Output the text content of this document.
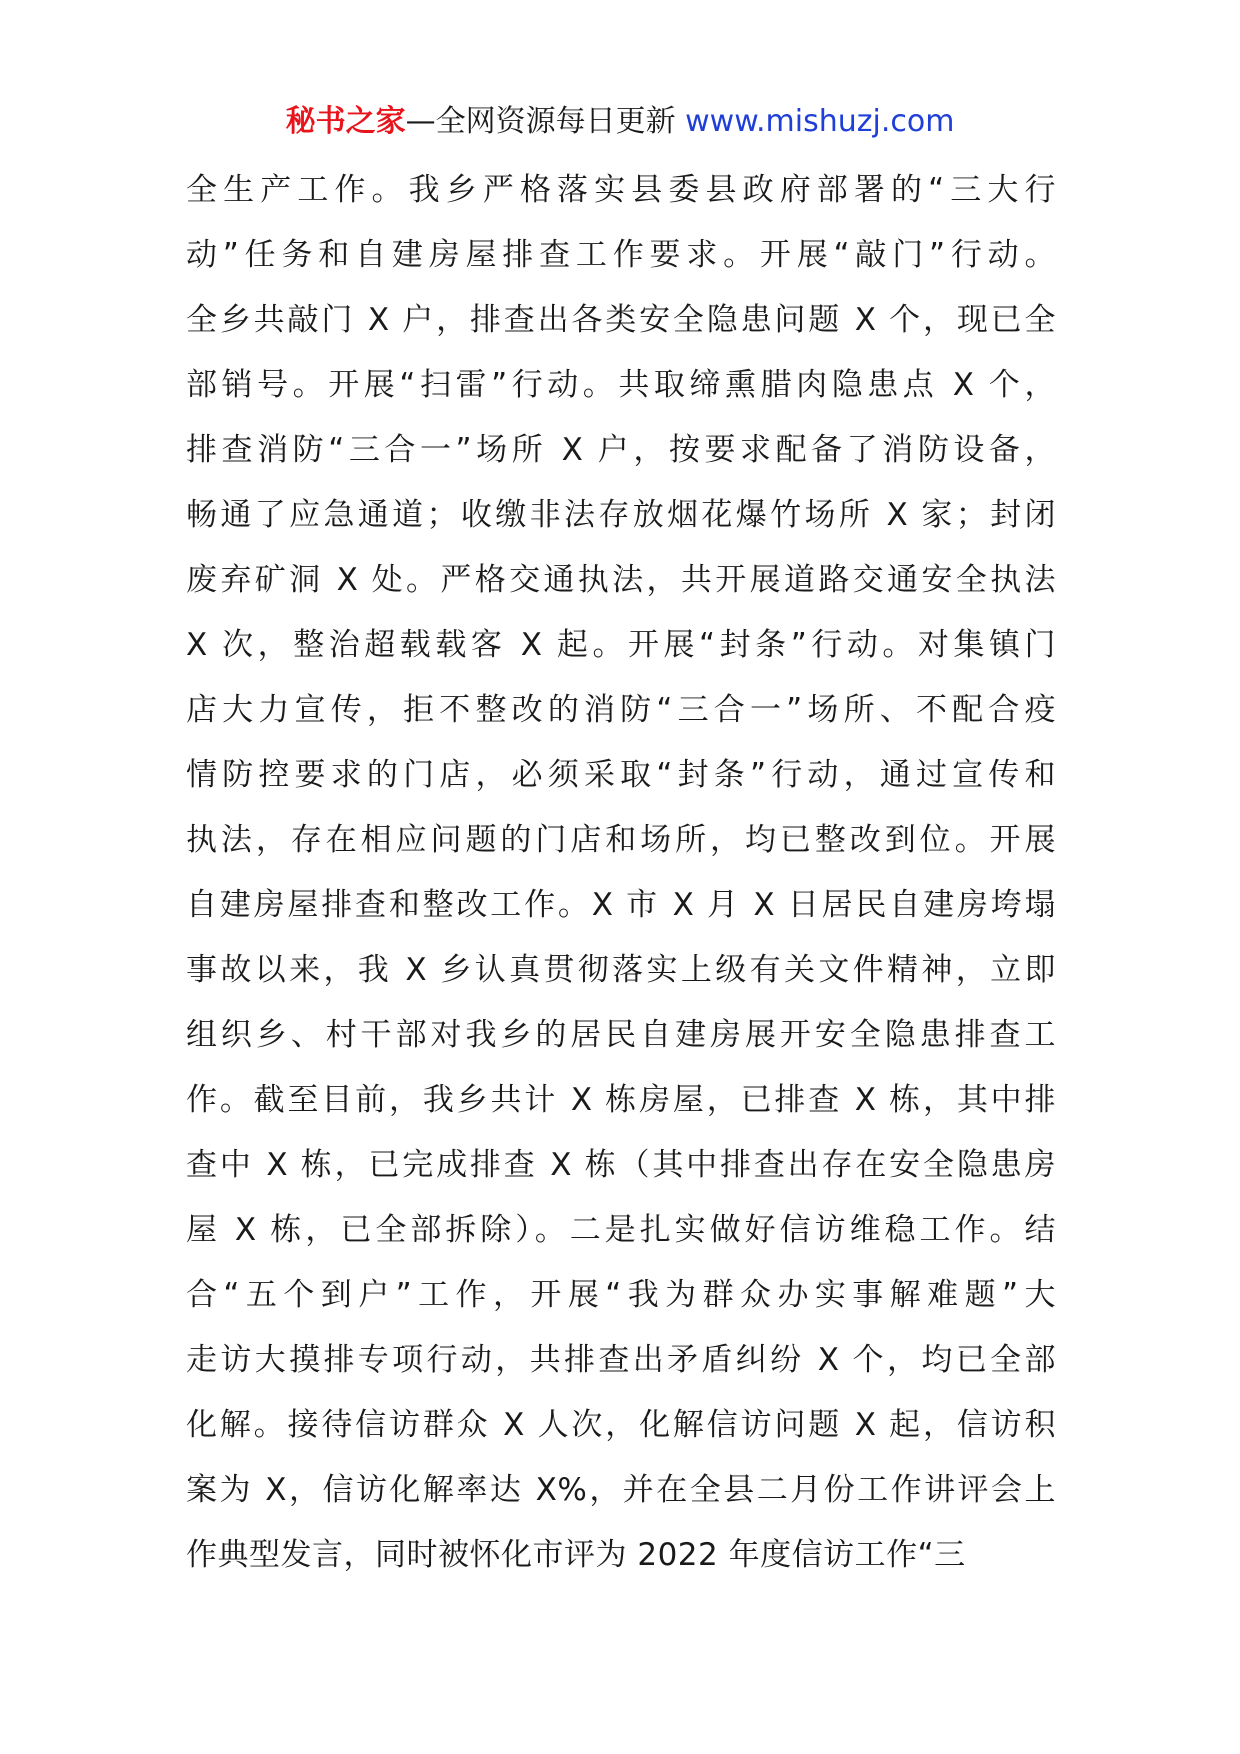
秘书之家—全网资源每日更新 www.mishuzj.com
全生产工作。我乡严格落实县委县政府部署的“三大行
动”任务和自建房屋排查工作要求。开展“敲门”行动。
全乡共敲门 X 户，排查出各类安全隐患问题 X 个，现已全
部销号。开展“扫雷”行动。共取缔熏腊肉隐患点 X 个，
排查消防“三合一”场所 X 户，按要求配备了消防设备，
畅通了应急通道；收缴非法存放烟花爆竹场所 X 家；封闭
废弃矿洞 X 处。严格交通执法，共开展道路交通安全执法
X 次，整治超载载客 X 起。开展“封条”行动。对集镇门
店大力宣传，拒不整改的消防“三合一”场所、不配合疫
情防控要求的门店，必须采取“封条”行动，通过宣传和
执法，存在相应问题的门店和场所，均已整改到位。开展
自建房屋排查和整改工作。X 市 X 月 X 日居民自建房垮塌
事故以来，我 X 乡认真贯彻落实上级有关文件精神，立即
组织乡、村干部对我乡的居民自建房展开安全隐患排查工
作。截至目前，我乡共计 X 栋房屋，已排查 X 栋，其中排
查中 X 栋，已完成排查 X 栋（其中排查出存在安全隐患房
屋 X 栋，已全部拆除）。二是扎实做好信访维稳工作。结
合“五个到户”工作，开展“我为群众办实事解难题”大
走访大摸排专项行动，共排查出矛盾纠纷 X 个，均已全部
化解。接待信访群众 X 人次，化解信访问题 X 起，信访积
案为 X，信访化解率达 X%，并在全县二月份工作讲评会上
作典型发言，同时被怀化市评为 2022 年度信访工作“三
